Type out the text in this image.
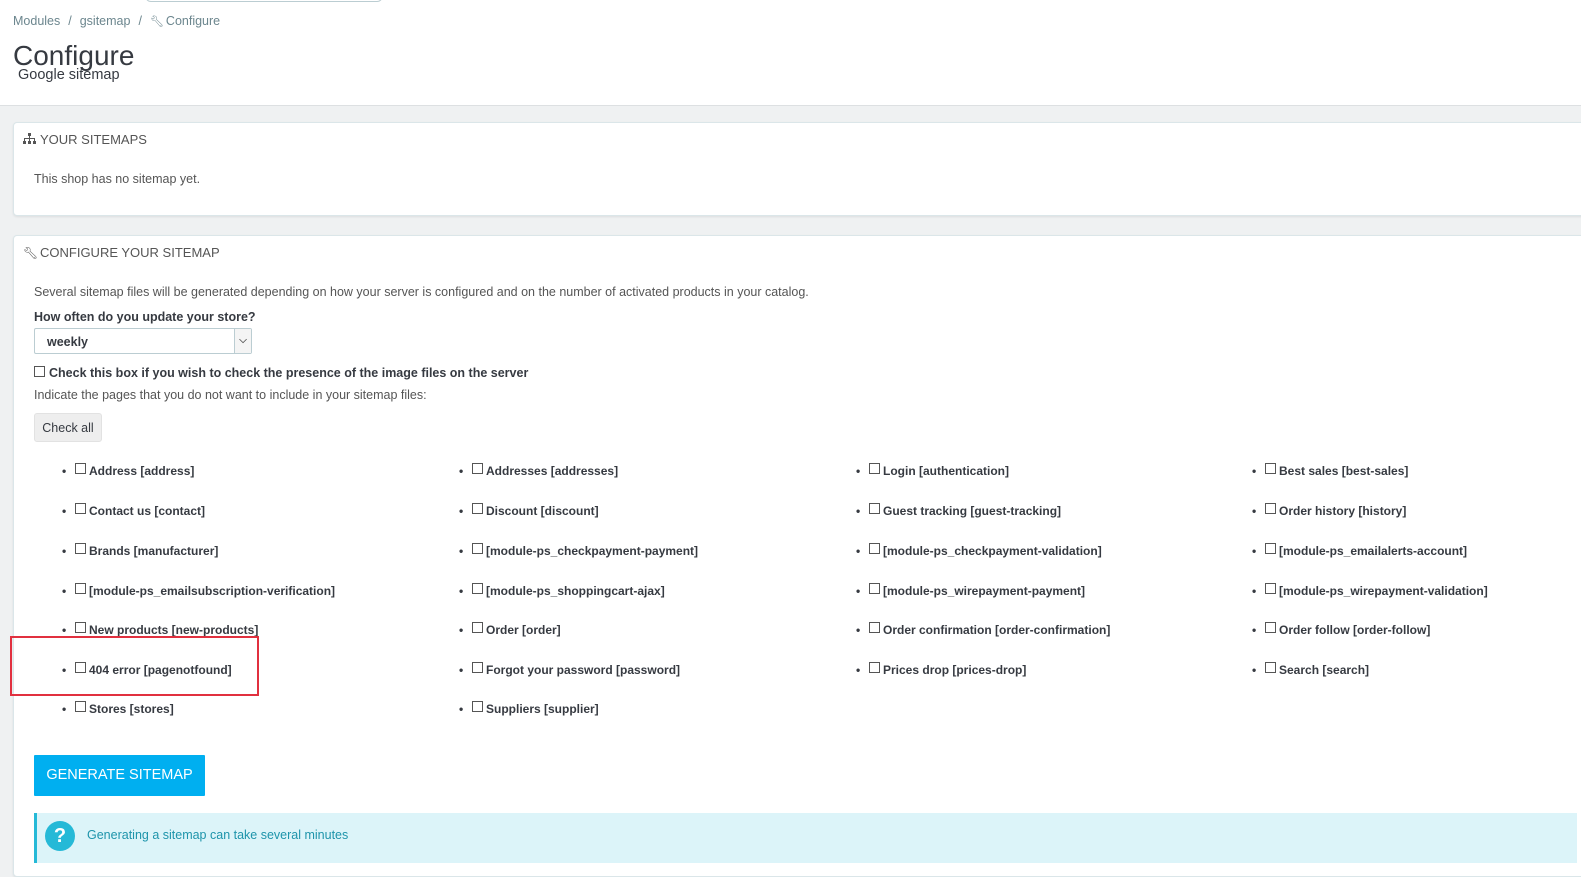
Modules / gsitemap / 🔧︎ Configure
Configure
Google sitemap
YOUR SITEMAPS
This shop has no sitemap yet.
🔧︎ CONFIGURE YOUR SITEMAP
Several sitemap files will be generated depending on how your server is configured and on the number of activated products in your catalog.
How often do you update your store?
weekly	⌵
Check this box if you wish to check the presence of the image files on the server
Indicate the pages that you do not want to include in your sitemap files:
Check all
• Address [address]	• Addresses [addresses]	• Login [authentication]	• Best sales [best-sales]
• Contact us [contact]	• Discount [discount]	• Guest tracking [guest-tracking]	• Order history [history]
• Brands [manufacturer]	• [module-ps_checkpayment-payment]	• [module-ps_checkpayment-validation]	• [module-ps_emailalerts-account]
• [module-ps_emailsubscription-verification]	• [module-ps_shoppingcart-ajax]	• [module-ps_wirepayment-payment]	• [module-ps_wirepayment-validation]
• New products [new-products]	• Order [order]	• Order confirmation [order-confirmation]	• Order follow [order-follow]
• 404 error [pagenotfound]	• Forgot your password [password]	• Prices drop [prices-drop]	• Search [search]
• Stores [stores]	• Suppliers [supplier]
GENERATE SITEMAP
?	Generating a sitemap can take several minutes
